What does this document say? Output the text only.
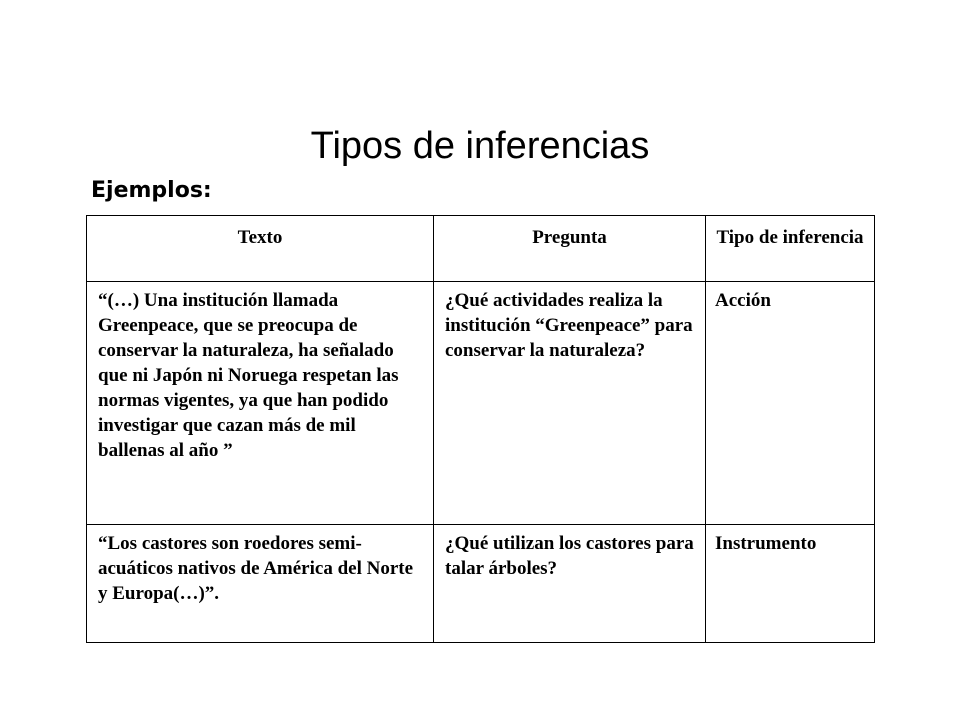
Tipos de inferencias

Ejemplos:

Texto	Pregunta	Tipo de inferencia
“(…) Una institución llamada Greenpeace, que se preocupa de conservar la naturaleza, ha señalado que ni Japón ni Noruega respetan las normas vigentes, ya que han podido investigar que cazan más de mil ballenas al año ”	¿Qué actividades realiza la institución “Greenpeace” para conservar la naturaleza?	Acción
“Los castores son roedores semi-acuáticos nativos de América del Norte y Europa(…)”.	¿Qué utilizan los castores para talar árboles?	Instrumento
